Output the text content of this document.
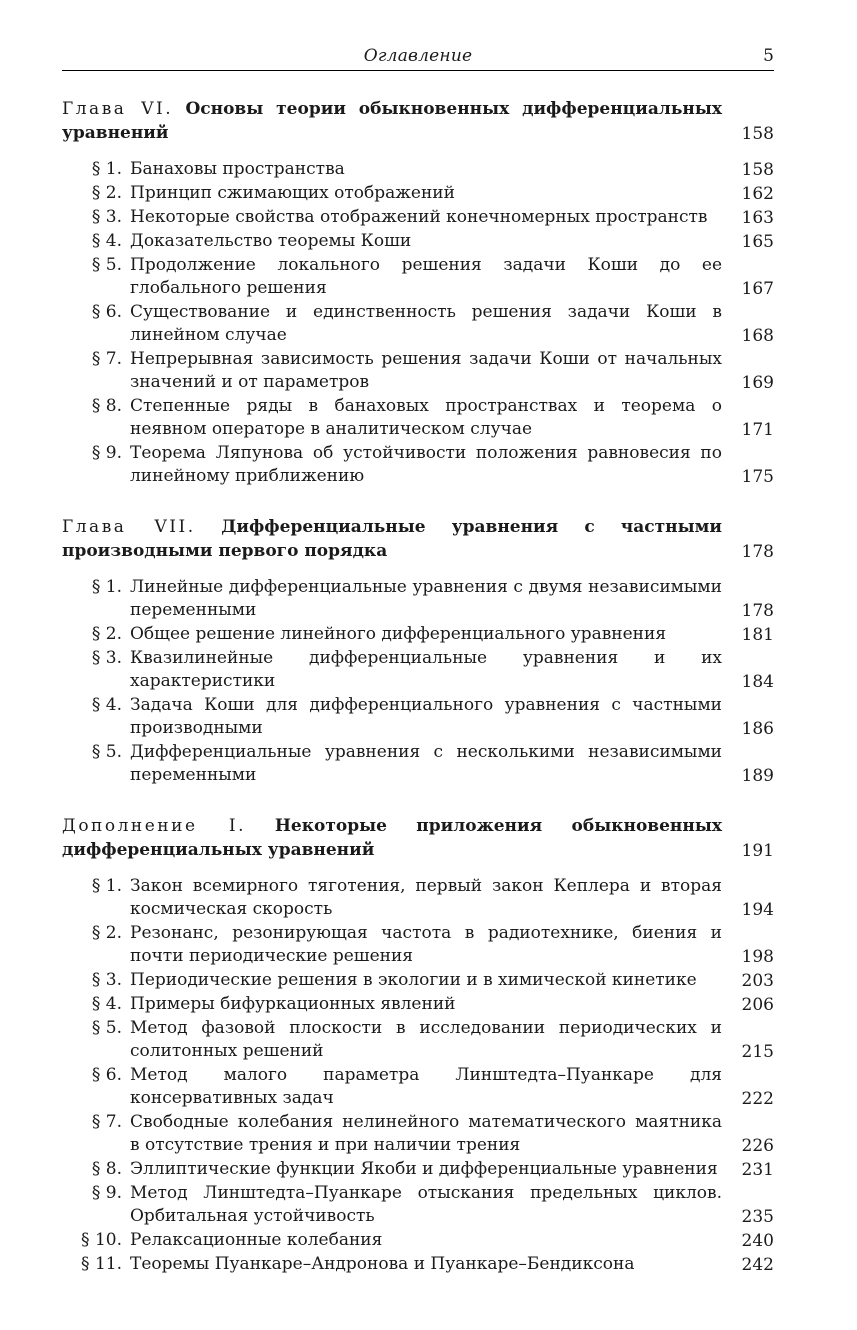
Оглавление	5
Глава VI. Основы теории обыкновенных дифференциальных уравнений	158
§ 1. Банаховы пространства	158
§ 2. Принцип сжимающих отображений	162
§ 3. Некоторые свойства отображений конечномерных пространств	163
§ 4. Доказательство теоремы Коши	165
§ 5. Продолжение локального решения задачи Коши до ее глобального решения	167
§ 6. Существование и единственность решения задачи Коши в линейном случае	168
§ 7. Непрерывная зависимость решения задачи Коши от начальных значений и от параметров	169
§ 8. Степенные ряды в банаховых пространствах и теорема о неявном операторе в аналитическом случае	171
§ 9. Теорема Ляпунова об устойчивости положения равновесия по линейному приближению	175
Глава VII. Дифференциальные уравнения с частными производными первого порядка	178
§ 1. Линейные дифференциальные уравнения с двумя независимыми переменными	178
§ 2. Общее решение линейного дифференциального уравнения	181
§ 3. Квазилинейные дифференциальные уравнения и их характеристики	184
§ 4. Задача Коши для дифференциального уравнения с частными производными	186
§ 5. Дифференциальные уравнения с несколькими независимыми переменными	189
Дополнение I. Некоторые приложения обыкновенных дифференциальных уравнений	191
§ 1. Закон всемирного тяготения, первый закон Кеплера и вторая космическая скорость	194
§ 2. Резонанс, резонирующая частота в радиотехнике, биения и почти периодические решения	198
§ 3. Периодические решения в экологии и в химической кинетике	203
§ 4. Примеры бифуркационных явлений	206
§ 5. Метод фазовой плоскости в исследовании периодических и солитонных решений	215
§ 6. Метод малого параметра Линштедта–Пуанкаре для консервативных задач	222
§ 7. Свободные колебания нелинейного математического маятника в отсутствие трения и при наличии трения	226
§ 8. Эллиптические функции Якоби и дифференциальные уравнения 231
§ 9. Метод Линштедта–Пуанкаре отыскания предельных циклов. Орбитальная устойчивость	235
§ 10. Релаксационные колебания	240
§ 11. Теоремы Пуанкаре–Андронова и Пуанкаре–Бендиксона	242
